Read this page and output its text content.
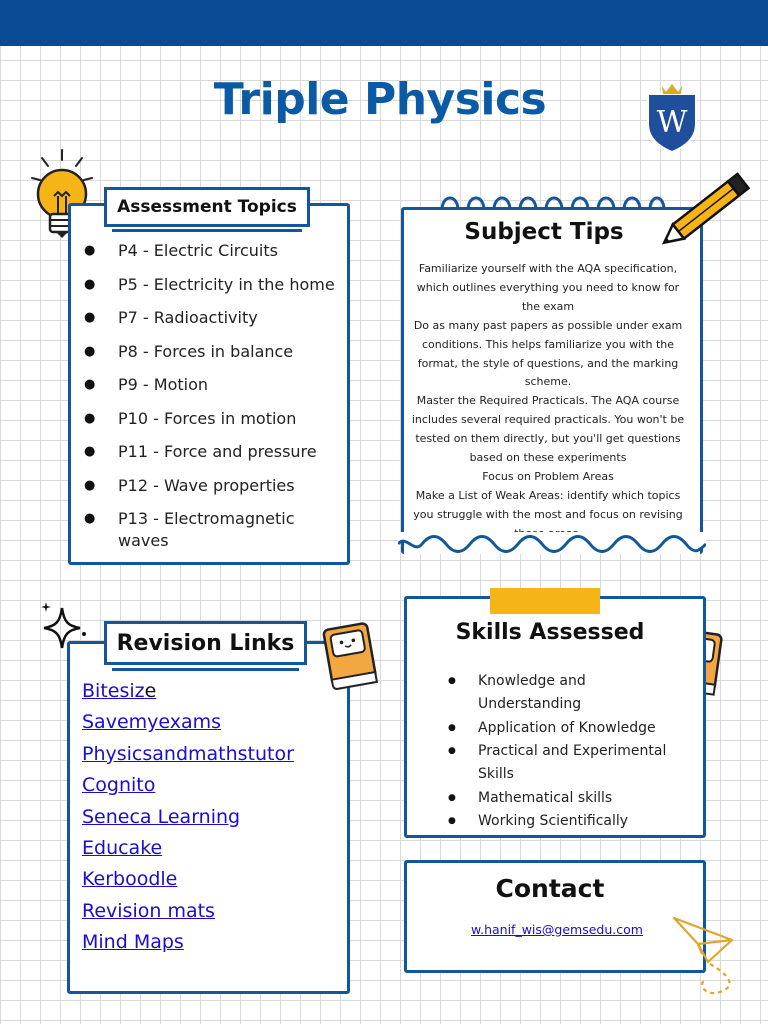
Triple Physics	W
Assessment Topics
● P4 - Electric Circuits
● P5 - Electricity in the home
● P7 - Radioactivity
● P8 - Forces in balance
● P9 - Motion
● P10 - Forces in motion
● P11 - Force and pressure
● P12 - Wave properties
● P13 - Electromagnetic waves
Subject Tips
Familiarize yourself with the AQA specification, which outlines everything you need to know for the exam
Do as many past papers as possible under exam conditions. This helps familiarize you with the format, the style of questions, and the marking scheme.
Master the Required Practicals. The AQA course includes several required practicals. You won't be tested on them directly, but you'll get questions based on these experiments
Focus on Problem Areas
Make a List of Weak Areas: identify which topics you struggle with the most and focus on revising
Revision Links
Bitesize
Savemyexams
Physicsandmathstutor
Cognito
Seneca Learning
Educake
Kerboodle
Revision mats
Mind Maps
Skills Assessed
● Knowledge and Understanding
● Application of Knowledge
● Practical and Experimental Skills
● Mathematical skills
● Working Scientifically
Contact
w.hanif_wis@gemsedu.com
